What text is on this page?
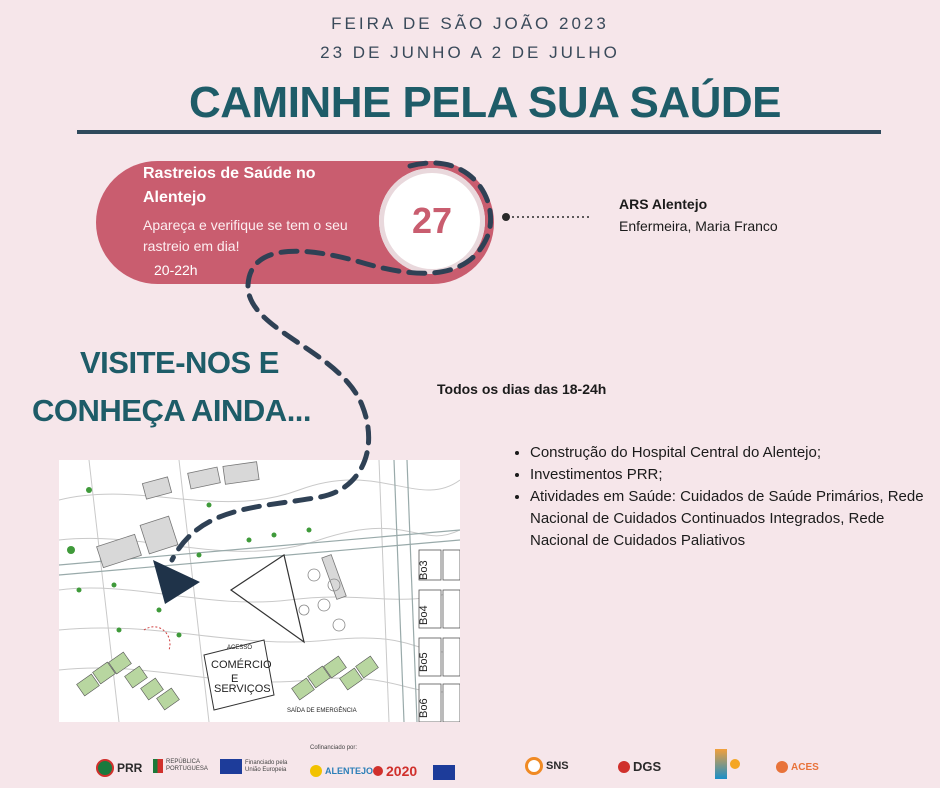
FEIRA DE SÃO JOÃO 2023
23 DE JUNHO A 2 DE JULHO
CAMINHE PELA SUA SAÚDE
Rastreios de Saúde no Alentejo
Apareça e verifique se tem o seu rastreio em dia!
20-22h
27	ARS Alentejo
Enfermeira, Maria Franco
VISITE-NOS E
CONHEÇA AINDA...
Todos os dias das 18-24h
• Construção do Hospital Central do Alentejo;
• Investimentos PRR;
• Atividades em Saúde: Cuidados de Saúde Primários, Rede Nacional de Cuidados Continuados Integrados, Rede Nacional de Cuidados Paliativos
Bo3
Bo4
Bo5
Bo6
COMÉRCIO
E
SERVIÇOS
ACESSO
SAÍDA DE EMERGÊNCIA
PRR	REPÚBLICA PORTUGUESA
Financiado pela União Europeia
Cofinanciado por:
ALENTEJO 2020	SNS	DGS	ACES
